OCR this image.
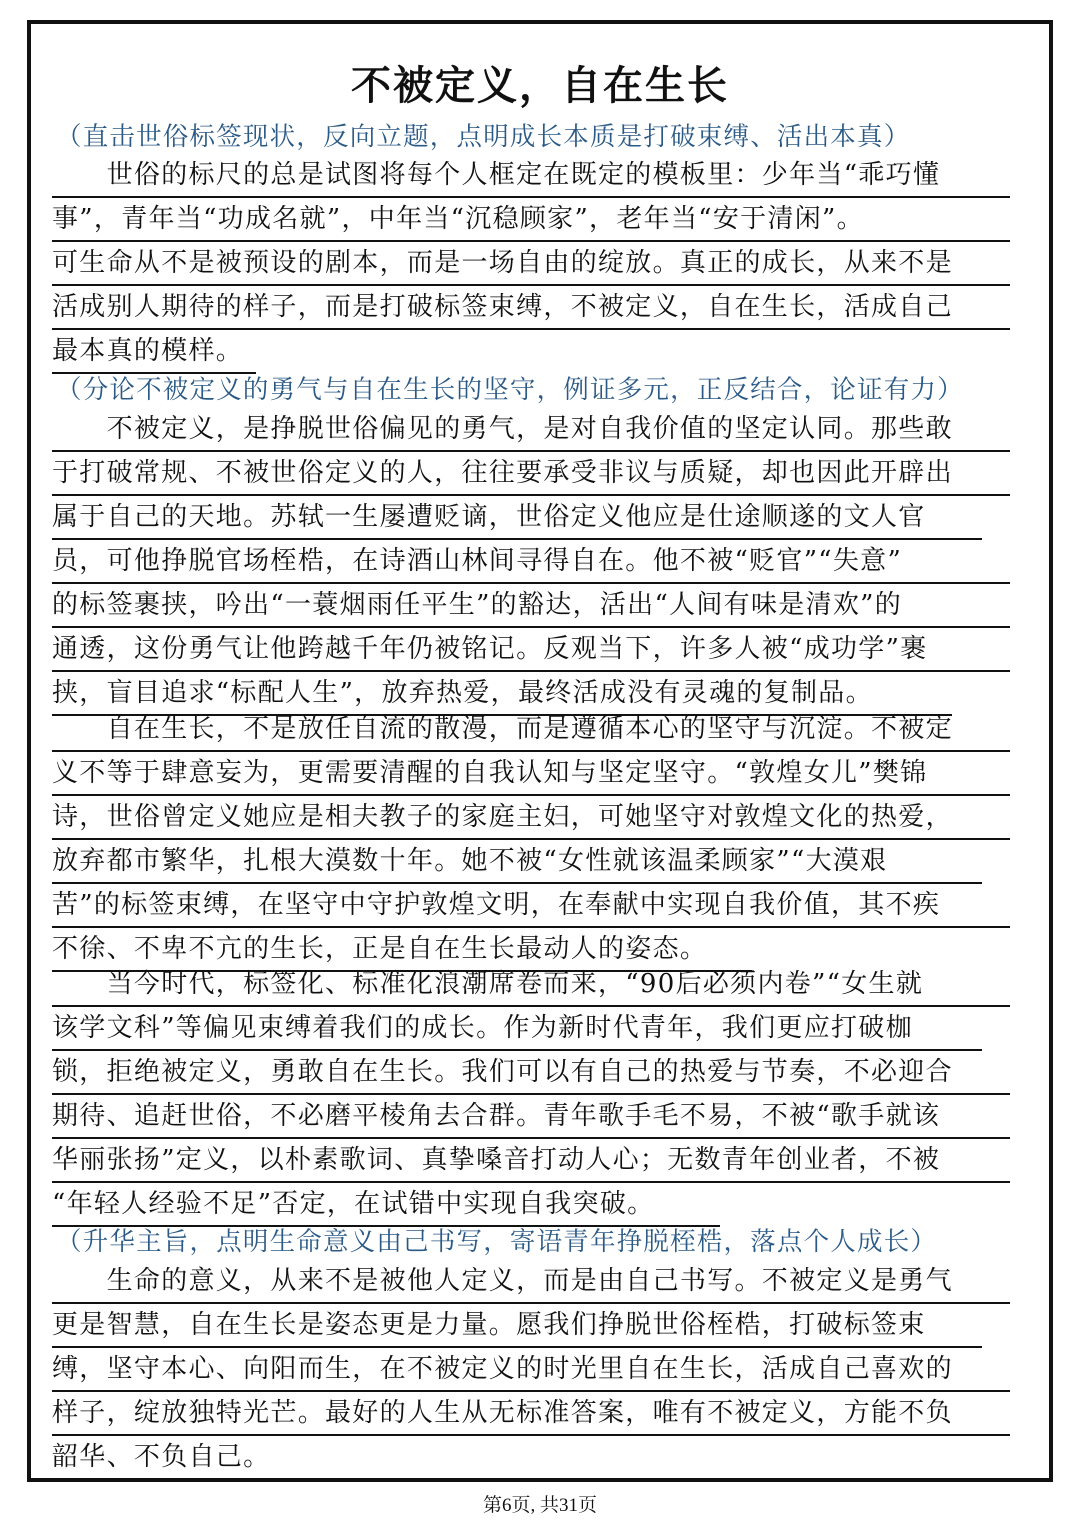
不被定义，自在生长
（直击世俗标签现状，反向立题，点明成长本质是打破束缚、活出本真）
　　世俗的标尺的总是试图将每个人框定在既定的模板里：少年当“乖巧懂
事”，青年当“功成名就”，中年当“沉稳顾家”，老年当“安于清闲”。
可生命从不是被预设的剧本，而是一场自由的绽放。真正的成长，从来不是
活成别人期待的样子，而是打破标签束缚，不被定义，自在生长，活成自己
最本真的模样。
（分论不被定义的勇气与自在生长的坚守，例证多元，正反结合，论证有力）
　　不被定义，是挣脱世俗偏见的勇气，是对自我价值的坚定认同。那些敢
于打破常规、不被世俗定义的人，往往要承受非议与质疑，却也因此开辟出
属于自己的天地。苏轼一生屡遭贬谪，世俗定义他应是仕途顺遂的文人官
员，可他挣脱官场桎梏，在诗酒山林间寻得自在。他不被“贬官”“失意”
的标签裹挟，吟出“一蓑烟雨任平生”的豁达，活出“人间有味是清欢”的
通透，这份勇气让他跨越千年仍被铭记。反观当下，许多人被“成功学”裹
挟，盲目追求“标配人生”，放弃热爱，最终活成没有灵魂的复制品。
　　自在生长，不是放任自流的散漫，而是遵循本心的坚守与沉淀。不被定
义不等于肆意妄为，更需要清醒的自我认知与坚定坚守。“敦煌女儿”樊锦
诗，世俗曾定义她应是相夫教子的家庭主妇，可她坚守对敦煌文化的热爱，
放弃都市繁华，扎根大漠数十年。她不被“女性就该温柔顾家”“大漠艰
苦”的标签束缚，在坚守中守护敦煌文明，在奉献中实现自我价值，其不疾
不徐、不卑不亢的生长，正是自在生长最动人的姿态。
　　当今时代，标签化、标准化浪潮席卷而来，“90后必须内卷”“女生就
该学文科”等偏见束缚着我们的成长。作为新时代青年，我们更应打破枷
锁，拒绝被定义，勇敢自在生长。我们可以有自己的热爱与节奏，不必迎合
期待、追赶世俗，不必磨平棱角去合群。青年歌手毛不易，不被“歌手就该
华丽张扬”定义，以朴素歌词、真挚嗓音打动人心；无数青年创业者，不被
“年轻人经验不足”否定，在试错中实现自我突破。
（升华主旨，点明生命意义由己书写，寄语青年挣脱桎梏，落点个人成长）
　　生命的意义，从来不是被他人定义，而是由自己书写。不被定义是勇气
更是智慧，自在生长是姿态更是力量。愿我们挣脱世俗桎梏，打破标签束
缚，坚守本心、向阳而生，在不被定义的时光里自在生长，活成自己喜欢的
样子，绽放独特光芒。最好的人生从无标准答案，唯有不被定义，方能不负
韶华、不负自己。
第6页, 共31页
